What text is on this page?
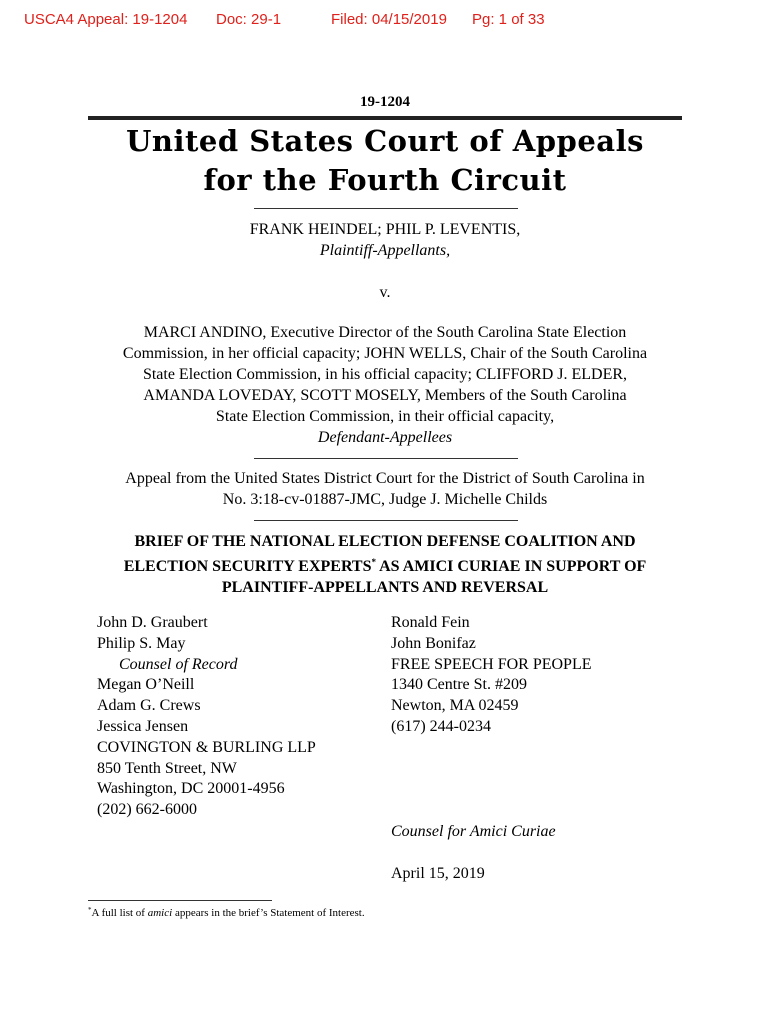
USCA4 Appeal: 19-1204 Doc: 29-1	Filed: 04/15/2019 Pg: 1 of 33
19-1204
United States Court of Appeals
for the Fourth Circuit
FRANK HEINDEL; PHIL P. LEVENTIS,
Plaintiff-Appellants,
v.
MARCI ANDINO, Executive Director of the South Carolina State Election
Commission, in her official capacity; JOHN WELLS, Chair of the South Carolina
State Election Commission, in his official capacity; CLIFFORD J. ELDER,
AMANDA LOVEDAY, SCOTT MOSELY, Members of the South Carolina
State Election Commission, in their official capacity,
Defendant-Appellees
Appeal from the United States District Court for the District of South Carolina in
No. 3:18-cv-01887-JMC, Judge J. Michelle Childs
BRIEF OF THE NATIONAL ELECTION DEFENSE COALITION AND
ELECTION SECURITY EXPERTS* AS AMICI CURIAE IN SUPPORT OF
PLAINTIFF-APPELLANTS AND REVERSAL
John D. Graubert
Philip S. May
Counsel of Record
Megan O’Neill
Adam G. Crews
Jessica Jensen
COVINGTON & BURLING LLP
850 Tenth Street, NW
Washington, DC 20001-4956
(202) 662-6000
Ronald Fein
John Bonifaz
FREE SPEECH FOR PEOPLE
1340 Centre St. #209
Newton, MA 02459
(617) 244-0234
Counsel for Amici Curiae
April 15, 2019
*A full list of amici appears in the brief’s Statement of Interest.
